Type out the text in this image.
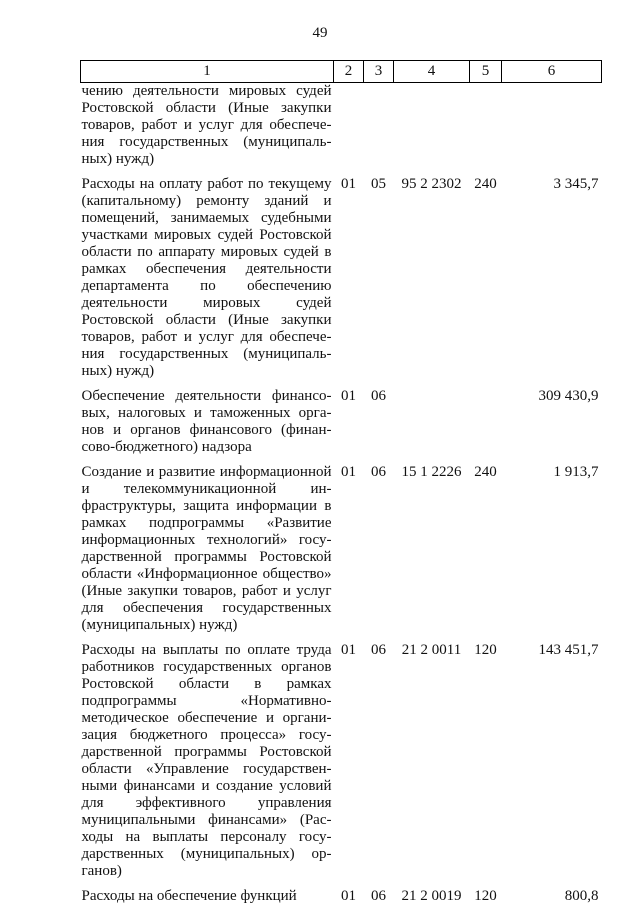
49
1	2	3	4	5	6
чению деятельности мировых судей Ростовской области (Иные закупки товаров, работ и услуг для обеспечения государственных (муниципальных) нужд)					

Расходы на оплату работ по текущему (капитальному) ремонту зданий и помещений, занимаемых судебными участками мировых судей Ростовской области по аппарату мировых судей в рамках обеспечения деятельности департамента по обеспечению деятельности мировых судей Ростовской области (Иные закупки товаров, работ и услуг для обеспечения государственных (муниципальных) нужд)	01	05	95 2 2302	240	3 345,7

Обеспечение деятельности финансовых, налоговых и таможенных органов и органов финансового (финансово-бюджетного) надзора	01	06			309 430,9

Создание и развитие информационной и телекоммуникационной инфраструктуры, защита информации в рамках подпрограммы «Развитие информационных технологий» государственной программы Ростовской области «Информационное общество» (Иные закупки товаров, работ и услуг для обеспечения государственных (муниципальных) нужд)	01	06	15 1 2226	240	1 913,7

Расходы на выплаты по оплате труда работников государственных органов Ростовской области в рамках подпрограммы «Нормативно-методическое обеспечение и организация бюджетного процесса» государственной программы Ростовской области «Управление государственными финансами и создание условий для эффективного управления муниципальными финансами» (Расходы на выплаты персоналу государственных (муниципальных) органов)	01	06	21 2 0011	120	143 451,7

Расходы на обеспечение функций	01	06	21 2 0019	120	800,8
